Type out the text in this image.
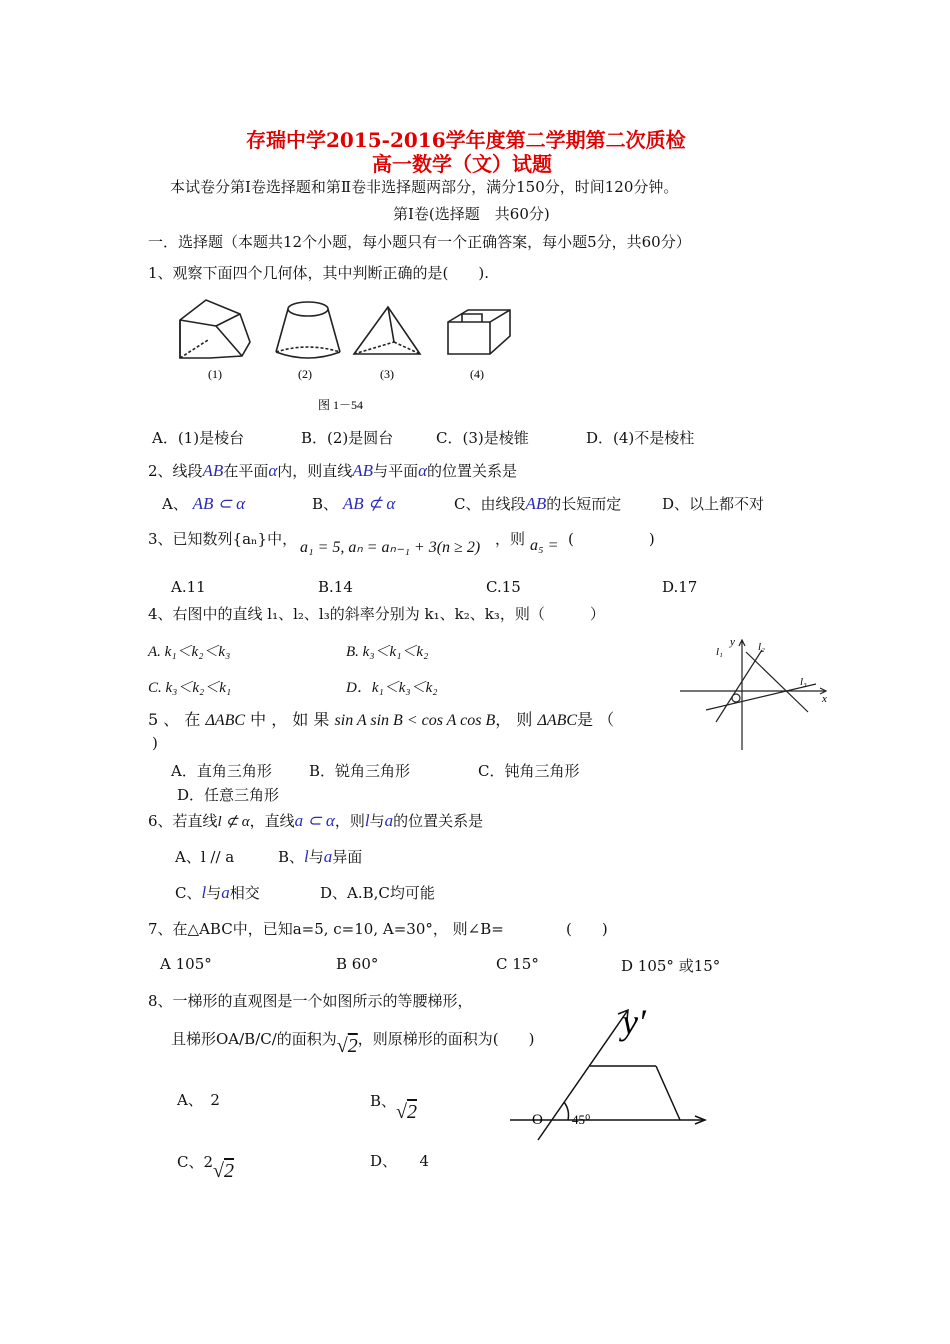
存瑞中学2015-2016学年度第二学期第二次质检
高一数学（文）试题
本试卷分第Ⅰ卷选择题和第Ⅱ卷非选择题两部分，满分150分，时间120分钟。
第Ⅰ卷(选择题　共60分)
一．选择题（本题共12个小题，每小题只有一个正确答案，每小题5分，共60分）
1、观察下面四个几何体，其中判断正确的是(　　).
(1)	(2)	(3)	(4)
图 1－54
A．(1)是棱台	B．(2)是圆台	C．(3)是棱锥	D．(4)不是棱柱
2、线段AB在平面α内，则直线AB与平面α的位置关系是
A、 AB ⊂ α	B、 AB ⊄ α	C、由线段AB的长短而定	D、以上都不对
3、已知数列{aₙ}中， a₁ = 5, aₙ = aₙ₋₁ + 3(n ≥ 2) ，则 a₅ = (　　　　　)
A.11	B.14	C.15	D.17
4、右图中的直线 l₁、l₂、l₃的斜率分别为 k₁、k₂、k₃，则（　　　）
A. k₁＜k₂＜k₃	B. k₃＜k₁＜k₂
C. k₃＜k₂＜k₁	D．k₁＜k₃＜k₂
y
x
l₁	l₂
l₃
5 、 在 ΔABC 中 ， 如 果 sin A sin B < cos A cos B， 则 ΔABC是 （
)
A．直角三角形 B．锐角三角形	C．钝角三角形
D．任意三角形
6、若直线l ⊄ α，直线a ⊂ α，则l与a的位置关系是
A、l // a	B、l与a异面
C、l与a相交	D、A.B,C均可能
7、在△ABC中，已知a=5, c=10, A=30°， 则∠B=	(　　)
A 105°	B 60°	C 15°	D 105° 或15°
8、一梯形的直观图是一个如图所示的等腰梯形，
且梯形OA/B/C/的面积为√2，则原梯形的面积为(　　)
A、　2	B、√2
C、2√2	D、　　4
y′
O 45⁰
